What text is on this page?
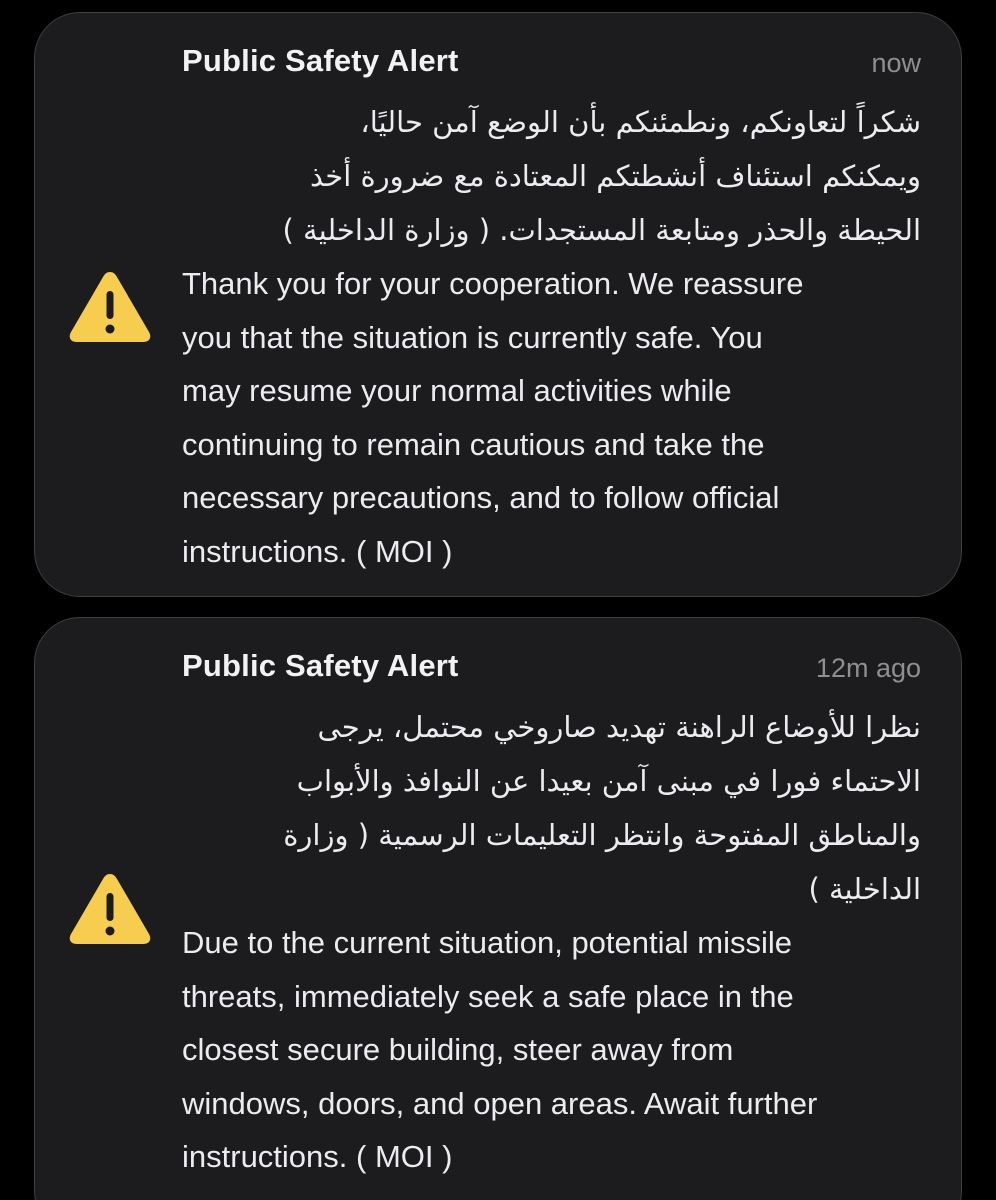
Public Safety Alert	now
شكراً لتعاونكم، ونطمئنكم بأن الوضع آمن حاليًا،
ويمكنكم استئناف أنشطتكم المعتادة مع ضرورة أخذ
الحيطة والحذر ومتابعة المستجدات. ( وزارة الداخلية )
Thank you for your cooperation. We reassure
you that the situation is currently safe. You
may resume your normal activities while
continuing to remain cautious and take the
necessary precautions, and to follow official
instructions. ( MOI )
Public Safety Alert	12m ago
نظرا للأوضاع الراهنة تهديد صاروخي محتمل، يرجى
الاحتماء فورا في مبنى آمن بعيدا عن النوافذ والأبواب
والمناطق المفتوحة وانتظر التعليمات الرسمية ( وزارة
الداخلية )
Due to the current situation, potential missile
threats, immediately seek a safe place in the
closest secure building, steer away from
windows, doors, and open areas. Await further
instructions. ( MOI )
